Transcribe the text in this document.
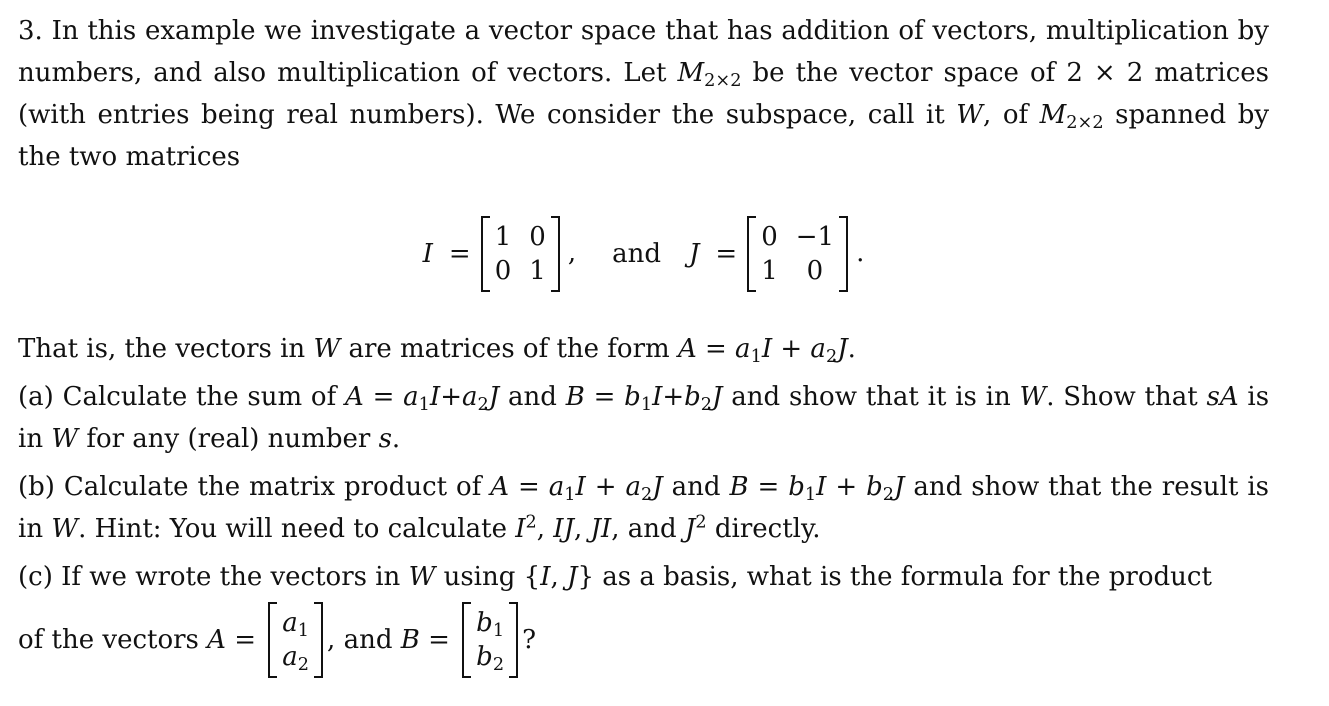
3. In this example we investigate a vector space that has addition of vectors, multiplication by numbers, and also multiplication of vectors. Let $M_{2\times 2}$ be the vector space of 2 × 2 matrices (with entries being real numbers). We consider the subspace, call it W, of $M_{2\times 2}$ spanned by the two matrices

I =
1 0
0 1
, and J =
0 −1
1	0
.

That is, the vectors in W are matrices of the form $A = a_1I + a_2J$.

(a) Calculate the sum of $A = a_1I+a_2J$ and $B = b_1I+b_2J$ and show that it is in W. Show that sA is in W for any (real) number s.

(b) Calculate the matrix product of $A = a_1I + a_2J$ and $B = b_1I + b_2J$ and show that the result is in W. Hint: You will need to calculate $I^2$, IJ, JI, and $J^2$ directly.

(c) If we wrote the vectors in W using {I, J} as a basis, what is the formula for the product

of the vectors
A =
$a_1$
$a_2$
, and
B =
$b_1$
$b_2$
?
